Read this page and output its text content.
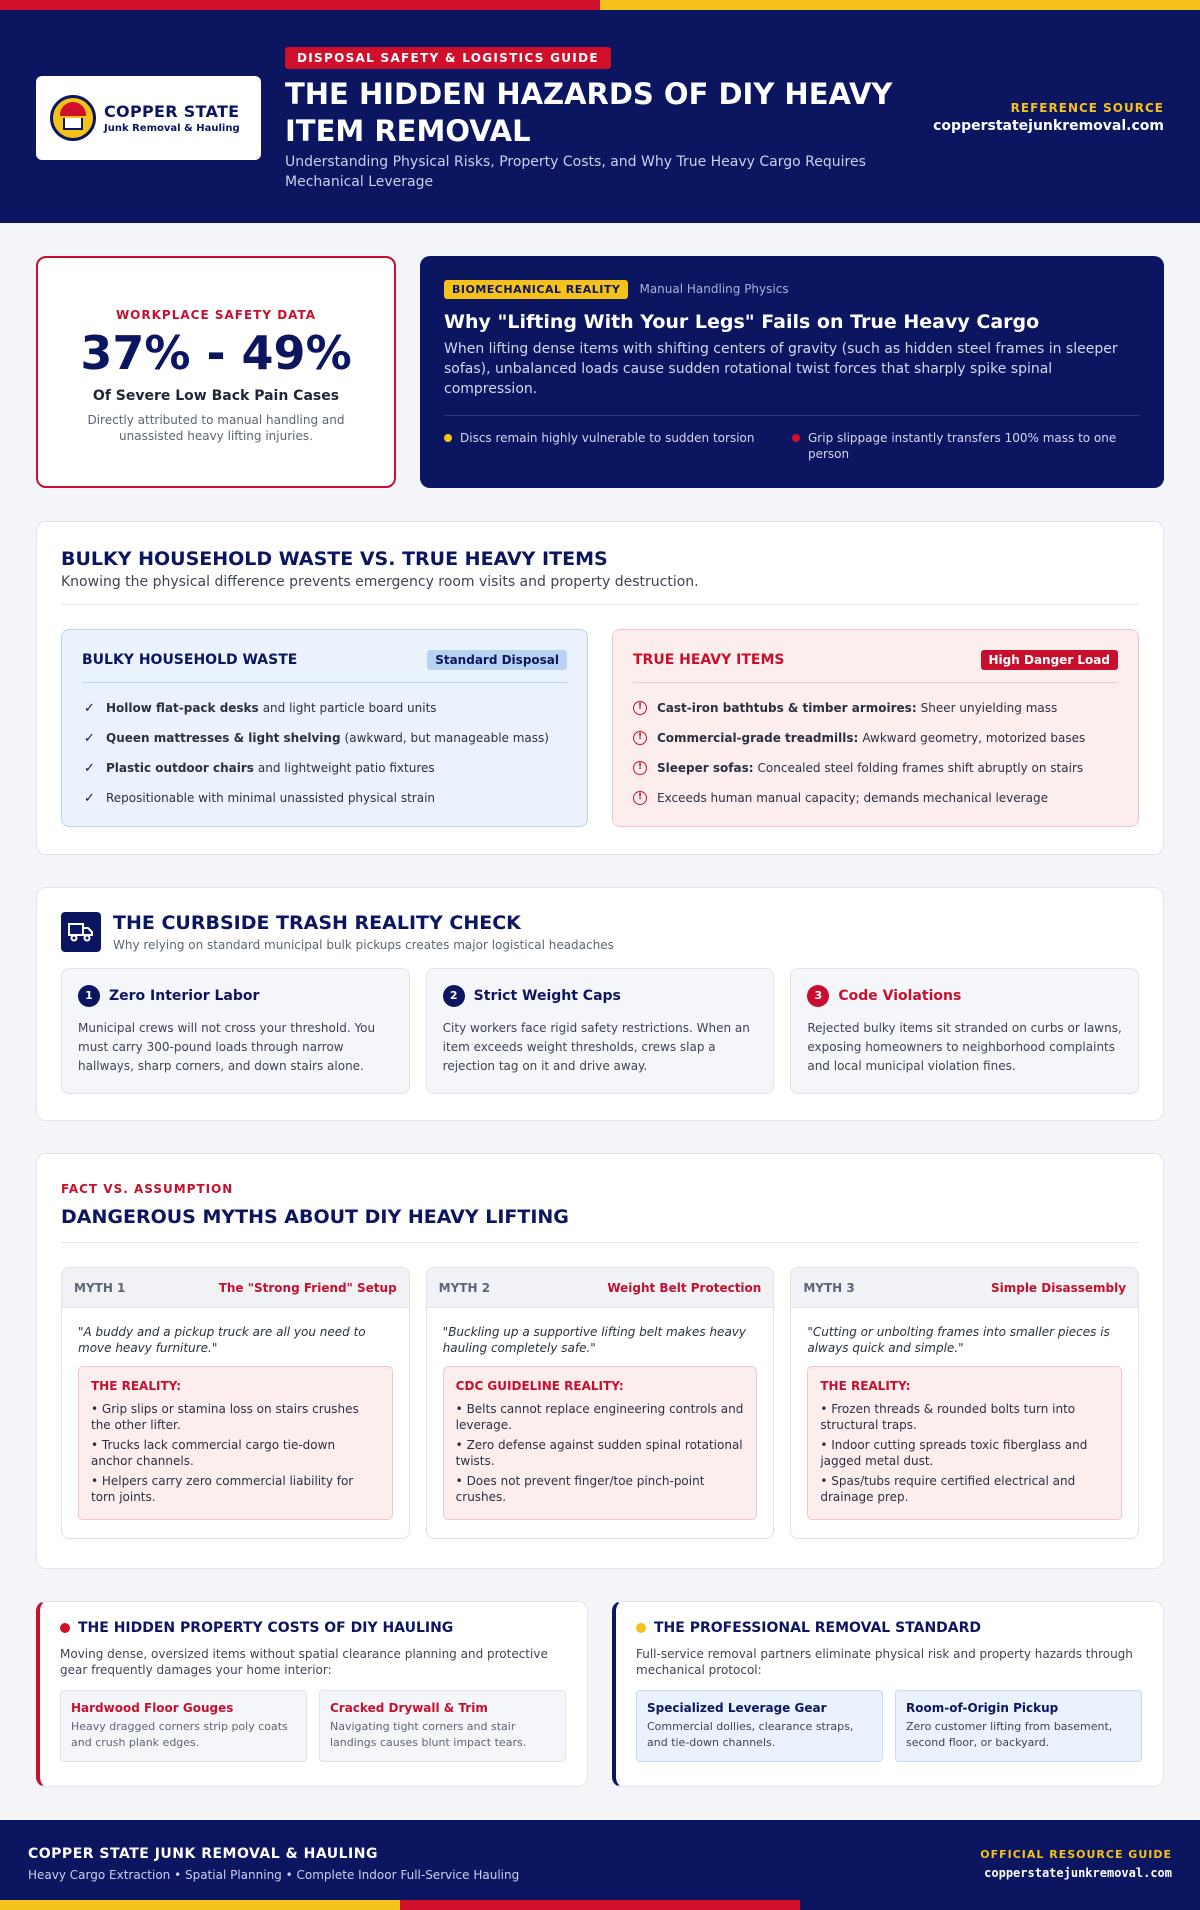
COPPER STATE
Junk Removal & Hauling
DISPOSAL SAFETY & LOGISTICS GUIDE
THE HIDDEN HAZARDS OF DIY HEAVY ITEM REMOVAL
Understanding Physical Risks, Property Costs, and Why True Heavy Cargo Requires Mechanical Leverage
REFERENCE SOURCE
copperstatejunkremoval.com
WORKPLACE SAFETY DATA
37% - 49%
Of Severe Low Back Pain Cases
Directly attributed to manual handling and unassisted heavy lifting injuries.
BIOMECHANICAL REALITY Manual Handling Physics
Why "Lifting With Your Legs" Fails on True Heavy Cargo
When lifting dense items with shifting centers of gravity (such as hidden steel frames in sleeper sofas), unbalanced loads cause sudden rotational twist forces that sharply spike spinal compression.
Discs remain highly vulnerable to sudden torsion	Grip slippage instantly transfers 100% mass to one person
BULKY HOUSEHOLD WASTE VS. TRUE HEAVY ITEMS
Knowing the physical difference prevents emergency room visits and property destruction.
BULKY HOUSEHOLD WASTE	Standard Disposal
✓ Hollow flat-pack desks and light particle board units
✓ Queen mattresses & light shelving (awkward, but manageable mass)
✓ Plastic outdoor chairs and lightweight patio fixtures
✓ Repositionable with minimal unassisted physical strain
TRUE HEAVY ITEMS	High Danger Load
!	Cast-iron bathtubs & timber armoires: Sheer unyielding mass
!	Commercial-grade treadmills: Awkward geometry, motorized bases
!	Sleeper sofas: Concealed steel folding frames shift abruptly on stairs
!	Exceeds human manual capacity; demands mechanical leverage
THE CURBSIDE TRASH REALITY CHECK
Why relying on standard municipal bulk pickups creates major logistical headaches
1	Zero Interior Labor
Municipal crews will not cross your threshold. You must carry 300-pound loads through narrow hallways, sharp corners, and down stairs alone.
2	Strict Weight Caps
City workers face rigid safety restrictions. When an item exceeds weight thresholds, crews slap a rejection tag on it and drive away.
3	Code Violations
Rejected bulky items sit stranded on curbs or lawns, exposing homeowners to neighborhood complaints and local municipal violation fines.
FACT VS. ASSUMPTION
DANGEROUS MYTHS ABOUT DIY HEAVY LIFTING
MYTH 1	The "Strong Friend" Setup
"A buddy and a pickup truck are all you need to move heavy furniture."
THE REALITY:
• Grip slips or stamina loss on stairs crushes the other lifter.
• Trucks lack commercial cargo tie-down anchor channels.
• Helpers carry zero commercial liability for torn joints.
MYTH 2	Weight Belt Protection
"Buckling up a supportive lifting belt makes heavy hauling completely safe."
CDC GUIDELINE REALITY:
• Belts cannot replace engineering controls and leverage.
• Zero defense against sudden spinal rotational twists.
• Does not prevent finger/toe pinch-point crushes.
MYTH 3	Simple Disassembly
"Cutting or unbolting frames into smaller pieces is always quick and simple."
THE REALITY:
• Frozen threads & rounded bolts turn into structural traps.
• Indoor cutting spreads toxic fiberglass and jagged metal dust.
• Spas/tubs require certified electrical and drainage prep.
THE HIDDEN PROPERTY COSTS OF DIY HAULING
Moving dense, oversized items without spatial clearance planning and protective gear frequently damages your home interior:
Hardwood Floor Gouges
Heavy dragged corners strip poly coats and crush plank edges.
Cracked Drywall & Trim
Navigating tight corners and stair landings causes blunt impact tears.
THE PROFESSIONAL REMOVAL STANDARD
Full-service removal partners eliminate physical risk and property hazards through mechanical protocol:
Specialized Leverage Gear
Commercial dollies, clearance straps, and tie-down channels.
Room-of-Origin Pickup
Zero customer lifting from basement, second floor, or backyard.
COPPER STATE JUNK REMOVAL & HAULING
Heavy Cargo Extraction • Spatial Planning • Complete Indoor Full-Service Hauling
OFFICIAL RESOURCE GUIDE
copperstatejunkremoval.com
